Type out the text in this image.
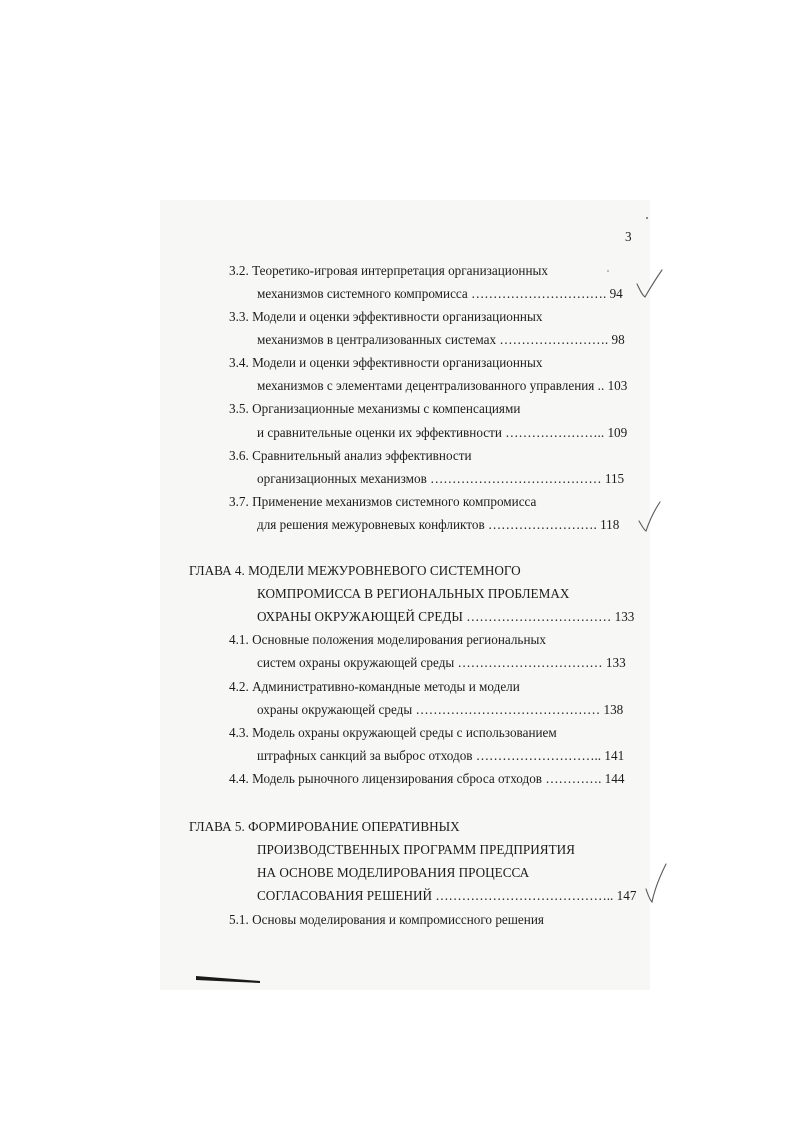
3
3.2. Теоретико-игровая интерпретация организационных
механизмов системного компромисса …………………………. 94
3.3. Модели и оценки эффективности организационных
механизмов в централизованных системах ……………………. 98
3.4. Модели и оценки эффективности организационных
механизмов с элементами децентрализованного управления .. 103
3.5. Организационные механизмы с компенсациями
и сравнительные оценки их эффективности ………………….. 109
3.6. Сравнительный анализ эффективности
организационных механизмов ………………………………… 115
3.7. Применение механизмов системного компромисса
для решения межуровневых конфликтов ……………………. 118
ГЛАВА 4. МОДЕЛИ МЕЖУРОВНЕВОГО СИСТЕМНОГО
КОМПРОМИССА В РЕГИОНАЛЬНЫХ ПРОБЛЕМАХ
ОХРАНЫ ОКРУЖАЮЩЕЙ СРЕДЫ …………………………… 133
4.1. Основные положения моделирования региональных
систем охраны окружающей среды …………………………… 133
4.2. Административно-командные методы и модели
охраны окружающей среды …………………………………… 138
4.3. Модель охраны окружающей среды с использованием
штрафных санкций за выброс отходов ……………………….. 141
4.4. Модель рыночного лицензирования сброса отходов …………. 144
ГЛАВА 5. ФОРМИРОВАНИЕ ОПЕРАТИВНЫХ
ПРОИЗВОДСТВЕННЫХ ПРОГРАММ ПРЕДПРИЯТИЯ
НА ОСНОВЕ МОДЕЛИРОВАНИЯ ПРОЦЕССА
СОГЛАСОВАНИЯ РЕШЕНИЙ ………………………………….. 147
5.1. Основы моделирования и компромиссного решения
